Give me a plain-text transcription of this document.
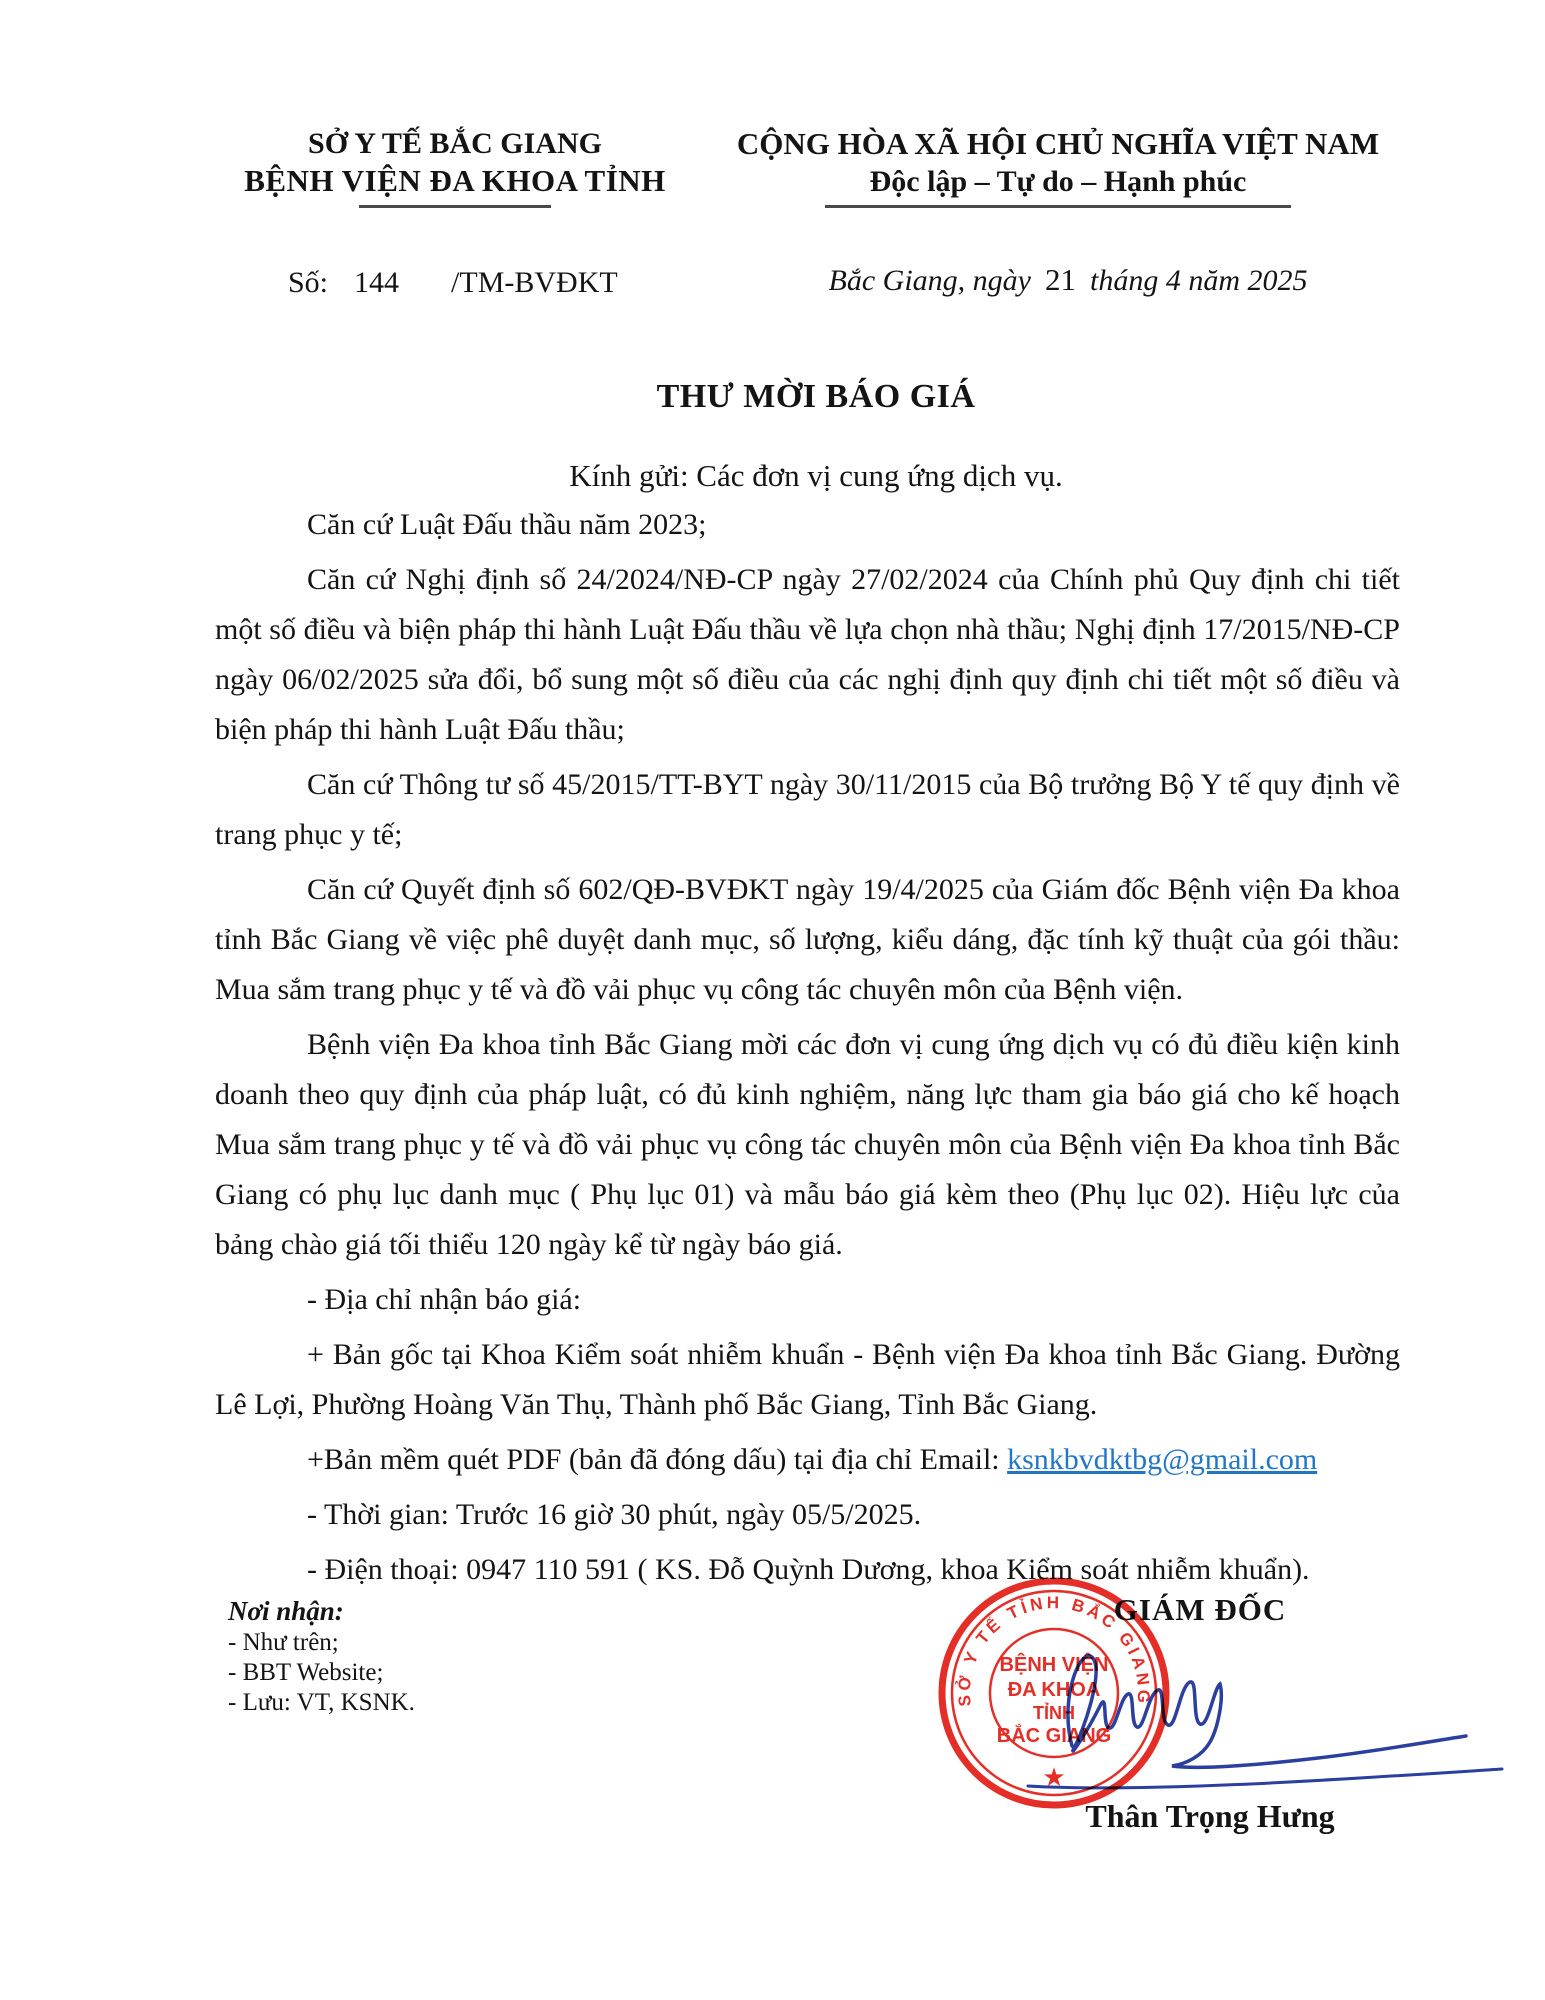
SỞ Y TẾ BẮC GIANG
BỆNH VIỆN ĐA KHOA TỈNH
CỘNG HÒA XÃ HỘI CHỦ NGHĨA VIỆT NAM
Độc lập – Tự do – Hạnh phúc
Số: 144 /TM-BVĐKT	Bắc Giang, ngày 21 tháng 4 năm 2025
THƯ MỜI BÁO GIÁ
Kính gửi: Các đơn vị cung ứng dịch vụ.

Căn cứ Luật Đấu thầu năm 2023;

Căn cứ Nghị định số 24/2024/NĐ-CP ngày 27/02/2024 của Chính phủ Quy định chi tiết một số điều và biện pháp thi hành Luật Đấu thầu về lựa chọn nhà thầu; Nghị định 17/2015/NĐ-CP ngày 06/02/2025 sửa đổi, bổ sung một số điều của các nghị định quy định chi tiết một số điều và biện pháp thi hành Luật Đấu thầu;

Căn cứ Thông tư số 45/2015/TT-BYT ngày 30/11/2015 của Bộ trưởng Bộ Y tế quy định về trang phục y tế;

Căn cứ Quyết định số 602/QĐ-BVĐKT ngày 19/4/2025 của Giám đốc Bệnh viện Đa khoa tỉnh Bắc Giang về việc phê duyệt danh mục, số lượng, kiểu dáng, đặc tính kỹ thuật của gói thầu: Mua sắm trang phục y tế và đồ vải phục vụ công tác chuyên môn của Bệnh viện.

Bệnh viện Đa khoa tỉnh Bắc Giang mời các đơn vị cung ứng dịch vụ có đủ điều kiện kinh doanh theo quy định của pháp luật, có đủ kinh nghiệm, năng lực tham gia báo giá cho kế hoạch Mua sắm trang phục y tế và đồ vải phục vụ công tác chuyên môn của Bệnh viện Đa khoa tỉnh Bắc Giang có phụ lục danh mục ( Phụ lục 01) và mẫu báo giá kèm theo (Phụ lục 02). Hiệu lực của bảng chào giá tối thiểu 120 ngày kể từ ngày báo giá.

- Địa chỉ nhận báo giá:

+ Bản gốc tại Khoa Kiểm soát nhiễm khuẩn - Bệnh viện Đa khoa tỉnh Bắc Giang. Đường Lê Lợi, Phường Hoàng Văn Thụ, Thành phố Bắc Giang, Tỉnh Bắc Giang.

+Bản mềm quét PDF (bản đã đóng dấu) tại địa chỉ Email: ksnkbvdktbg@gmail.com

- Thời gian: Trước 16 giờ 30 phút, ngày 05/5/2025.

- Điện thoại: 0947 110 591 ( KS. Đỗ Quỳnh Dương, khoa Kiểm soát nhiễm khuẩn).

Nơi nhận:
- Như trên;
- BBT Website;
- Lưu: VT, KSNK.
GIÁM ĐỐC
Thân Trọng Hưng
SỞ Y TẾ TỈNH BẮC GIANG
BỆNH VIỆN
ĐA KHOA
TỈNH
BẮC GIANG
★
